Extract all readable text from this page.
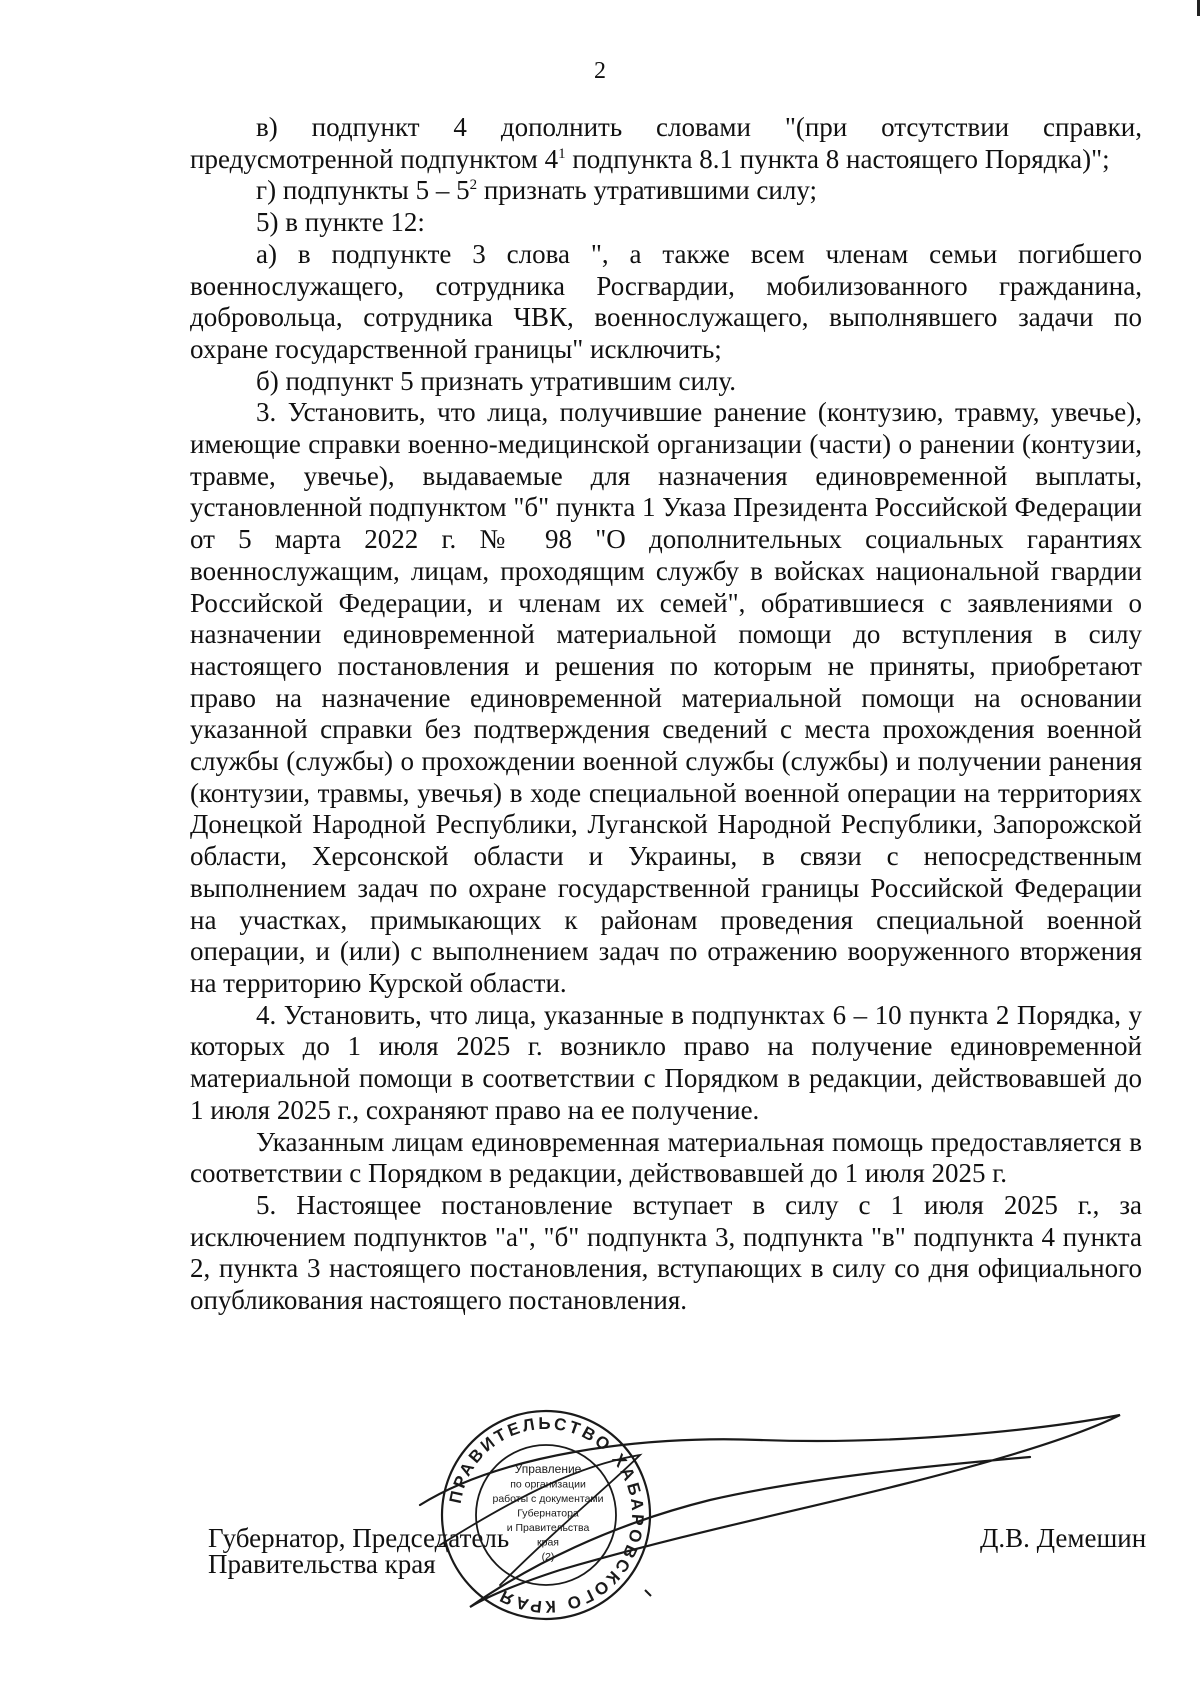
2

в) подпункт 4 дополнить словами "(при отсутствии справки, предусмотренной подпунктом $4^1$ подпункта 8.1 пункта 8 настоящего Порядка)";

г) подпункты $5 - 5^2$ признать утратившими силу;

5) в пункте 12:

а) в подпункте 3 слова ", а также всем членам семьи погибшего военнослужащего, сотрудника Росгвардии, мобилизованного гражданина, добровольца, сотрудника ЧВК, военнослужащего, выполнявшего задачи по охране государственной границы" исключить;

б) подпункт 5 признать утратившим силу.

3. Установить, что лица, получившие ранение (контузию, травму, увечье), имеющие справки военно-медицинской организации (части) о ранении (контузии, травме, увечье), выдаваемые для назначения единовременной выплаты, установленной подпунктом "б" пункта 1 Указа Президента Российской Федерации от 5 марта 2022 г. № 98 "О дополнительных социальных гарантиях военнослужащим, лицам, проходящим службу в войсках национальной гвардии Российской Федерации, и членам их семей", обратившиеся с заявлениями о назначении единовременной материальной помощи до вступления в силу настоящего постановления и решения по которым не приняты, приобретают право на назначение единовременной материальной помощи на основании указанной справки без подтверждения сведений с места прохождения военной службы (службы) о прохождении военной службы (службы) и получении ранения (контузии, травмы, увечья) в ходе специальной военной операции на территориях Донецкой Народной Республики, Луганской Народной Республики, Запорожской области, Херсонской области и Украины, в связи с непосредственным выполнением задач по охране государственной границы Российской Федерации на участках, примыкающих к районам проведения специальной военной операции, и (или) с выполнением задач по отражению вооруженного вторжения на территорию Курской области.

4. Установить, что лица, указанные в подпунктах 6 – 10 пункта 2 Порядка, у которых до 1 июля 2025 г. возникло право на получение единовременной материальной помощи в соответствии с Порядком в редакции, действовавшей до 1 июля 2025 г., сохраняют право на ее получение.

Указанным лицам единовременная материальная помощь предоставляется в соответствии с Порядком в редакции, действовавшей до 1 июля 2025 г.

5. Настоящее постановление вступает в силу с 1 июля 2025 г., за исключением подпунктов "а", "б" подпункта 3, подпункта "в" подпункта 4 пункта 2, пункта 3 настоящего постановления, вступающих в силу со дня официального опубликования настоящего постановления.

Губернатор, Председатель
Правительства края
Д.В. Демешин
ПРАВИТЕЛЬСТВО ХАБАРОВСКОГО КРАЯ
Управление
по организации
работы с документами
Губернатора
и Правительства
края
(2)
